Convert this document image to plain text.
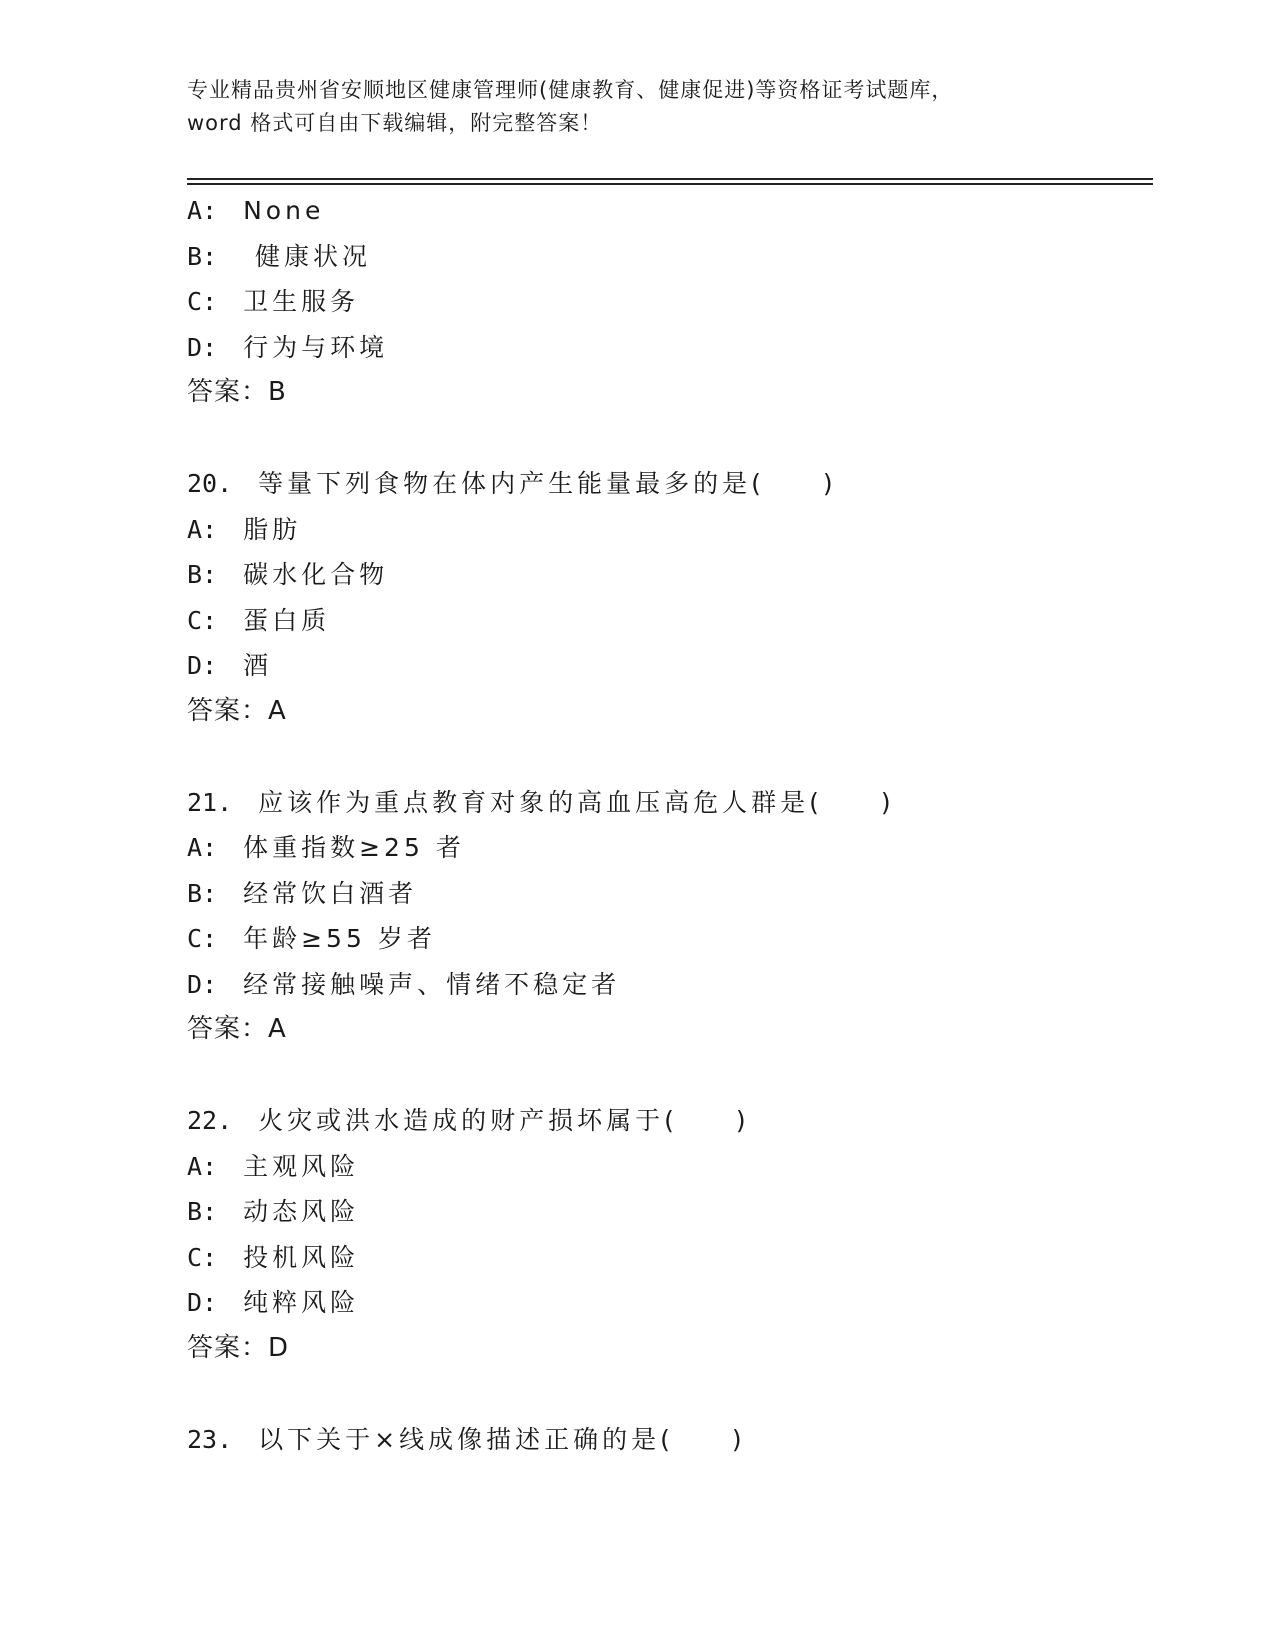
专业精品贵州省安顺地区健康管理师(健康教育、健康促进)等资格证考试题库，
word 格式可自由下载编辑，附完整答案！
A: None
B: 健康状况
C: 卫生服务
D: 行为与环境
答案：B
20. 等量下列食物在体内产生能量最多的是(　　)
A: 脂肪
B: 碳水化合物
C: 蛋白质
D: 酒
答案：A
21. 应该作为重点教育对象的高血压高危人群是(　　)
A: 体重指数≥25 者
B: 经常饮白酒者
C: 年龄≥55 岁者
D: 经常接触噪声、情绪不稳定者
答案：A
22. 火灾或洪水造成的财产损坏属于(　　)
A: 主观风险
B: 动态风险
C: 投机风险
D: 纯粹风险
答案：D
23. 以下关于×线成像描述正确的是(　　)
